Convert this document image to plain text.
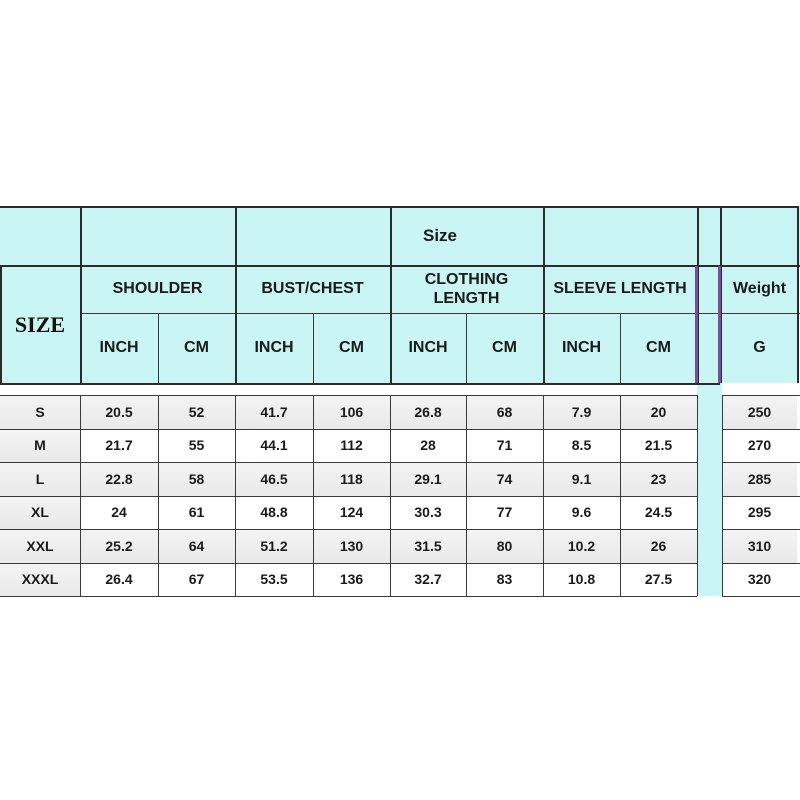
Size
SIZE
SHOULDER
INCH	CM
BUST/CHEST
INCH	CM
CLOTHING
LENGTH
INCH	CM
SLEEVE LENGTH
INCH	CM
Weight
G
S	20.5	52	41.7	106	26.8	68	7.9	20	250
M	21.7	55	44.1	112	28	71	8.5	21.5	270
L	22.8	58	46.5	118	29.1	74	9.1	23	285
XL	24	61	48.8	124	30.3	77	9.6	24.5	295
XXL	25.2	64	51.2	130	31.5	80	10.2	26	310
XXXL	26.4	67	53.5	136	32.7	83	10.8	27.5	320
